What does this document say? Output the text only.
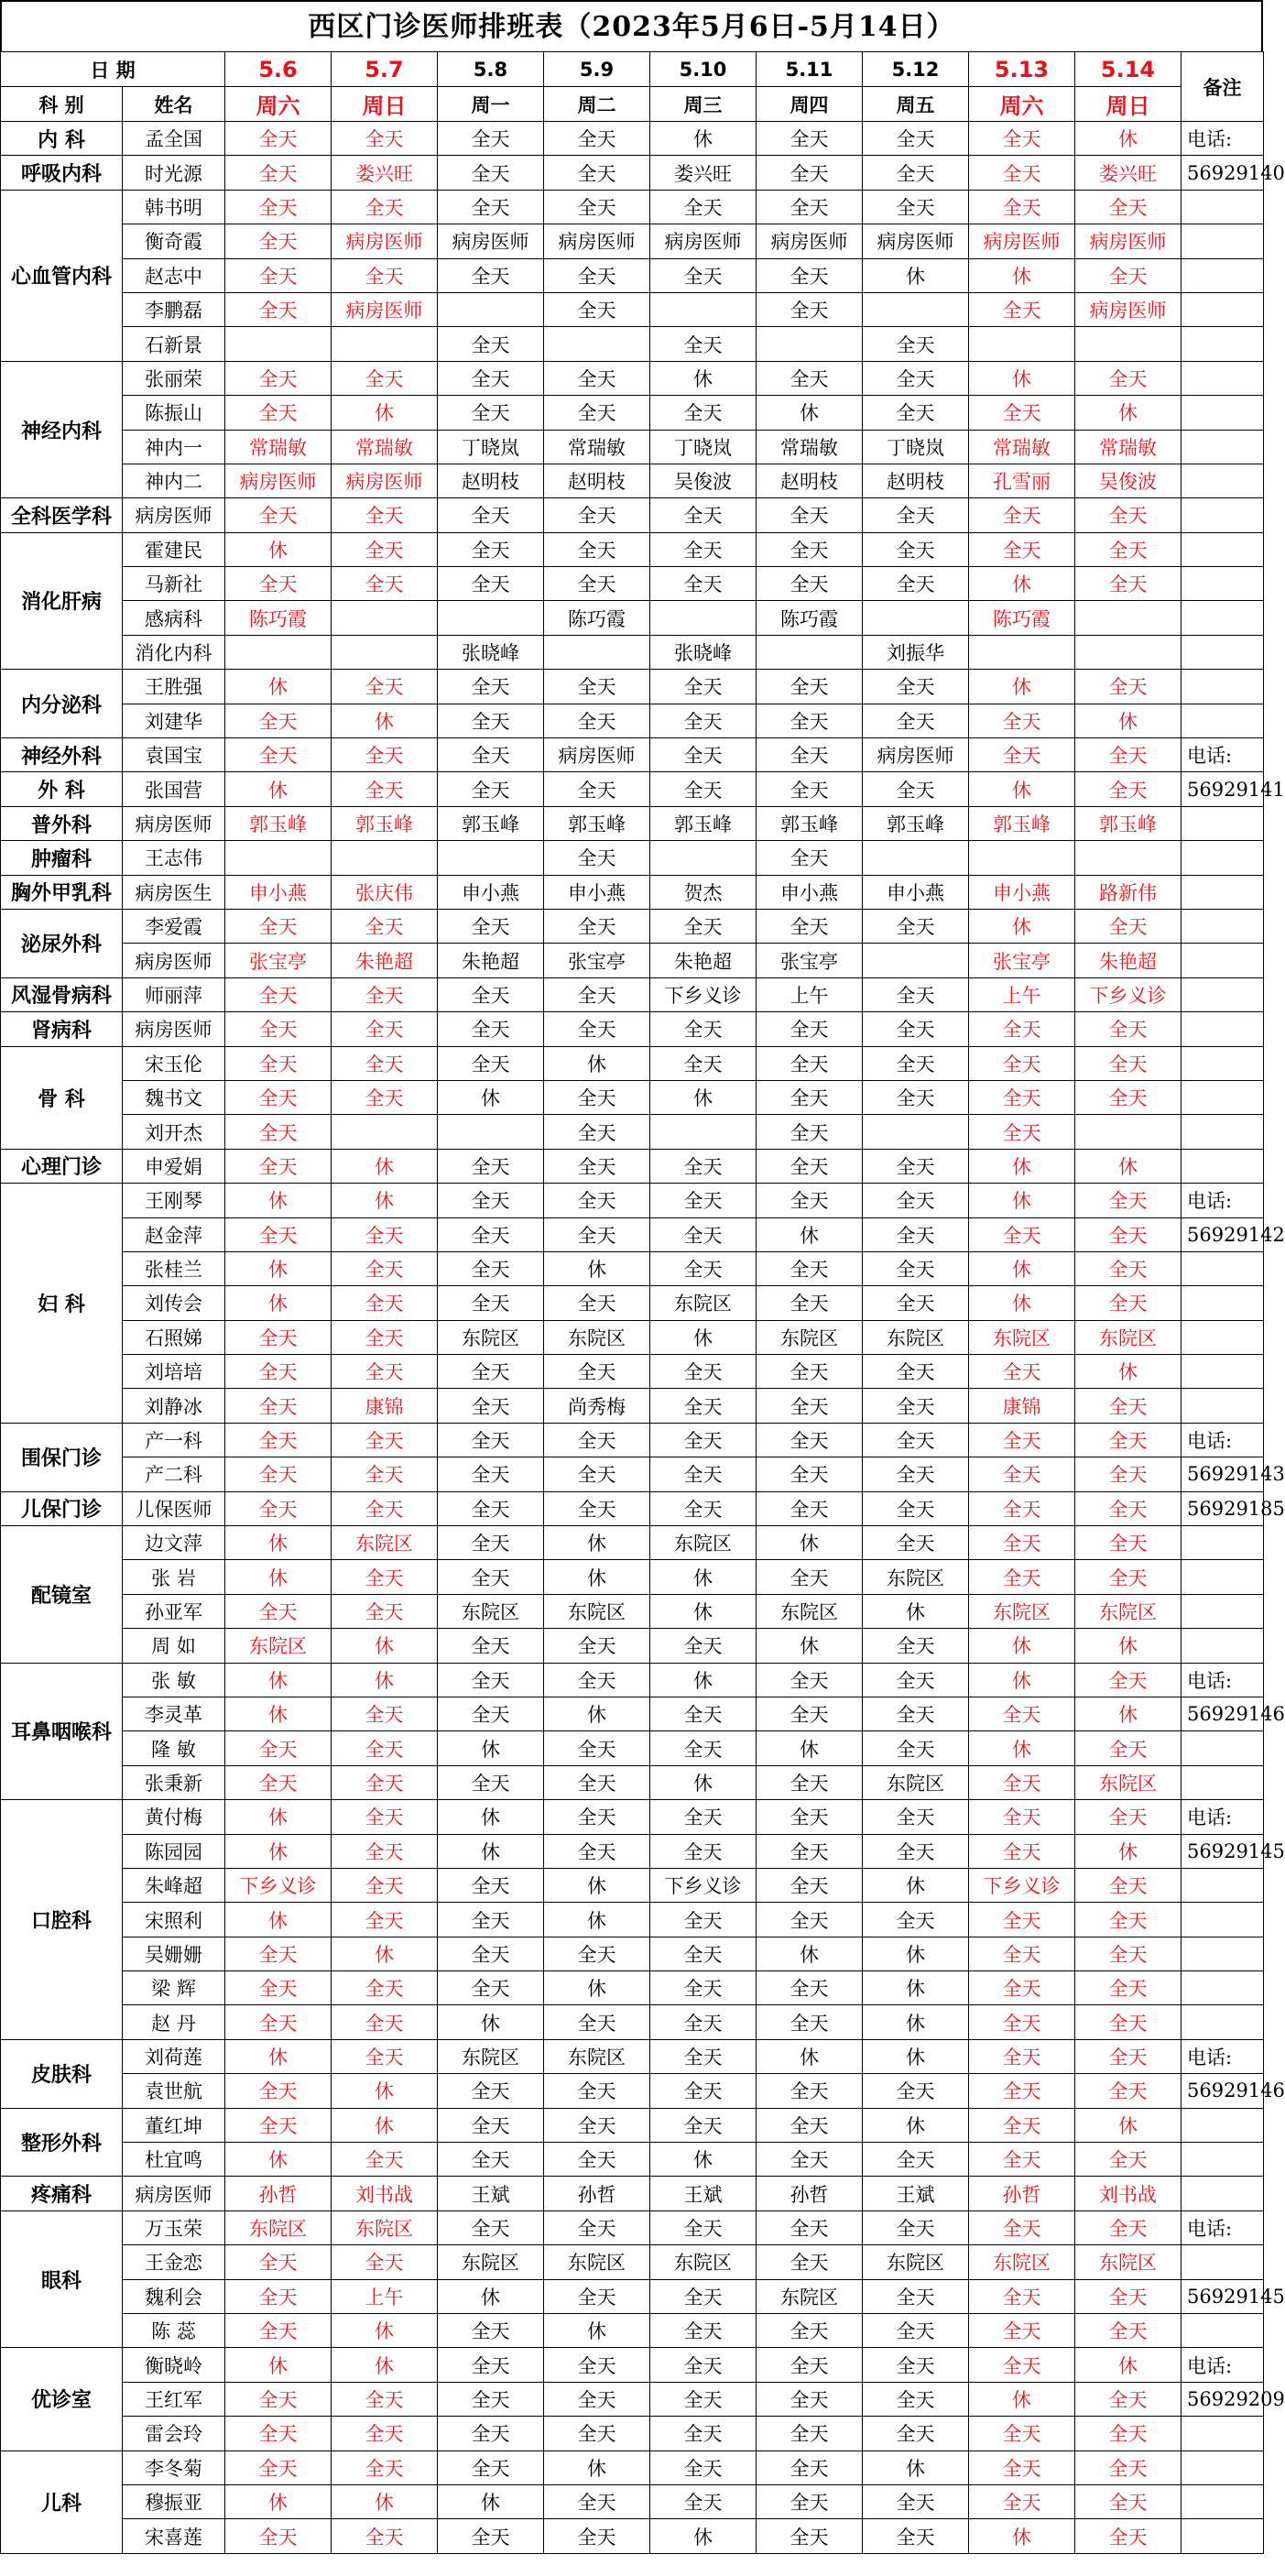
西区门诊医师排班表（2023年5月6日-5月14日）
日 期		5.6	5.7	5.8	5.9	5.10	5.11	5.12	5.13	5.14	备注
科 别	姓名	周六	周日	周一	周二	周三	周四	周五	周六	周日	
内 科	孟全国	全天	全天	全天	全天	休	全天	全天	全天	休	电话:
呼吸内科	时光源	全天	娄兴旺	全天	全天	娄兴旺	全天	全天	全天	娄兴旺	56929140
心血管内科	韩书明	全天	全天	全天	全天	全天	全天	全天	全天	全天	
	衡奇霞	全天	病房医师	病房医师	病房医师	病房医师	病房医师	病房医师	病房医师	病房医师	
	赵志中	全天	全天	全天	全天	全天	全天	休	休	全天	
	李鹏磊	全天	病房医师		全天		全天		全天	病房医师	
	石新景			全天		全天		全天			
神经内科	张丽荣	全天	全天	全天	全天	休	全天	全天	休	全天	
	陈振山	全天	休	全天	全天	全天	休	全天	全天	休	
	神内一	常瑞敏	常瑞敏	丁晓岚	常瑞敏	丁晓岚	常瑞敏	丁晓岚	常瑞敏	常瑞敏	
	神内二	病房医师	病房医师	赵明枝	赵明枝	吴俊波	赵明枝	赵明枝	孔雪丽	吴俊波	
全科医学科	病房医师	全天	全天	全天	全天	全天	全天	全天	全天	全天	
消化肝病	霍建民	休	全天	全天	全天	全天	全天	全天	全天	全天	
	马新社	全天	全天	全天	全天	全天	全天	全天	休	全天	
	感病科	陈巧霞			陈巧霞		陈巧霞		陈巧霞		
	消化内科			张晓峰		张晓峰		刘振华			
内分泌科	王胜强	休	全天	全天	全天	全天	全天	全天	休	全天	
	刘建华	全天	休	全天	全天	全天	全天	全天	全天	休	
神经外科	袁国宝	全天	全天	全天	病房医师	全天	全天	病房医师	全天	全天	电话:
外 科	张国营	休	全天	全天	全天	全天	全天	全天	休	全天	56929141
普外科	病房医师	郭玉峰	郭玉峰	郭玉峰	郭玉峰	郭玉峰	郭玉峰	郭玉峰	郭玉峰	郭玉峰	
肿瘤科	王志伟				全天		全天				
胸外甲乳科	病房医生	申小燕	张庆伟	申小燕	申小燕	贺杰	申小燕	申小燕	申小燕	路新伟	
泌尿外科	李爱霞	全天	全天	全天	全天	全天	全天	全天	休	全天	
	病房医师	张宝亭	朱艳超	朱艳超	张宝亭	朱艳超	张宝亭		张宝亭	朱艳超	
风湿骨病科	师丽萍	全天	全天	全天	全天	下乡义诊	上午	全天	上午	下乡义诊	
肾病科	病房医师	全天	全天	全天	全天	全天	全天	全天	全天	全天	
骨 科	宋玉伦	全天	全天	全天	休	全天	全天	全天	全天	全天	
	魏书文	全天	全天	休	全天	休	全天	全天	全天	全天	
	刘开杰	全天			全天		全天		全天		
心理门诊	申爱娟	全天	休	全天	全天	全天	全天	全天	休	休	
妇 科	王刚琴	休	休	全天	全天	全天	全天	全天	休	全天	电话:
	赵金萍	全天	全天	全天	全天	全天	休	全天	全天	全天	56929142
	张桂兰	休	全天	全天	休	全天	全天	全天	休	全天	
	刘传会	休	全天	全天	全天	东院区	全天	全天	休	全天	
	石照娣	全天	全天	东院区	东院区	休	东院区	东院区	东院区	东院区	
	刘培培	全天	全天	全天	全天	全天	全天	全天	全天	休	
	刘静冰	全天	康锦	全天	尚秀梅	全天	全天	全天	康锦	全天	
围保门诊	产一科	全天	全天	全天	全天	全天	全天	全天	全天	全天	电话:
	产二科	全天	全天	全天	全天	全天	全天	全天	全天	全天	56929143
儿保门诊	儿保医师	全天	全天	全天	全天	全天	全天	全天	全天	全天	56929185
配镜室	边文萍	休	东院区	全天	休	东院区	休	全天	全天	全天	
	张 岩	休	全天	全天	休	休	全天	东院区	全天	全天	
	孙亚军	全天	全天	东院区	东院区	休	东院区	休	东院区	东院区	
	周 如	东院区	休	全天	全天	全天	休	全天	休	休	
耳鼻咽喉科	张 敏	休	休	全天	全天	休	全天	全天	休	全天	电话:
	李灵革	休	全天	全天	休	全天	全天	全天	全天	休	56929146
	隆 敏	全天	全天	休	全天	全天	休	全天	休	全天	
	张秉新	全天	全天	全天	全天	休	全天	东院区	全天	东院区	
口腔科	黄付梅	休	全天	休	全天	全天	全天	全天	全天	全天	电话:
	陈园园	休	全天	休	全天	全天	全天	全天	全天	休	56929145
	朱峰超	下乡义诊	全天	全天	休	下乡义诊	全天	休	下乡义诊	全天	
	宋照利	休	全天	全天	休	全天	全天	全天	全天	全天	
	吴姗姗	全天	休	全天	全天	全天	休	休	全天	全天	
	梁 辉	全天	全天	全天	休	全天	全天	休	全天	全天	
	赵 丹	全天	全天	休	全天	全天	全天	休	全天	全天	
皮肤科	刘荷莲	休	全天	东院区	东院区	全天	休	休	全天	全天	电话:
	袁世航	全天	休	全天	全天	全天	全天	全天	全天	全天	56929146
整形外科	董红坤	全天	休	全天	全天	全天	全天	休	全天	休	
	杜宜鸣	休	全天	全天	全天	休	全天	全天	全天	全天	
疼痛科	病房医师	孙哲	刘书战	王斌	孙哲	王斌	孙哲	王斌	孙哲	刘书战	
眼科	万玉荣	东院区	东院区	全天	全天	全天	全天	全天	全天	全天	电话:
	王金恋	全天	全天	东院区	东院区	东院区	全天	东院区	东院区	东院区	
	魏利会	全天	上午	休	全天	全天	东院区	全天	全天	全天	56929145
	陈 蕊	全天	休	全天	休	全天	全天	全天	全天	全天	
优诊室	衡晓岭	休	休	全天	全天	全天	全天	全天	全天	休	电话:
	王红军	全天	全天	全天	全天	全天	全天	全天	休	全天	56929209
	雷会玲	全天	全天	全天	全天	全天	全天	全天	全天	全天	
儿科	李冬菊	全天	全天	全天	休	全天	全天	休	全天	全天	
	穆振亚	休	休	休	全天	全天	全天	全天	全天	全天	
	宋喜莲	全天	全天	全天	全天	休	全天	全天	休	全天	
